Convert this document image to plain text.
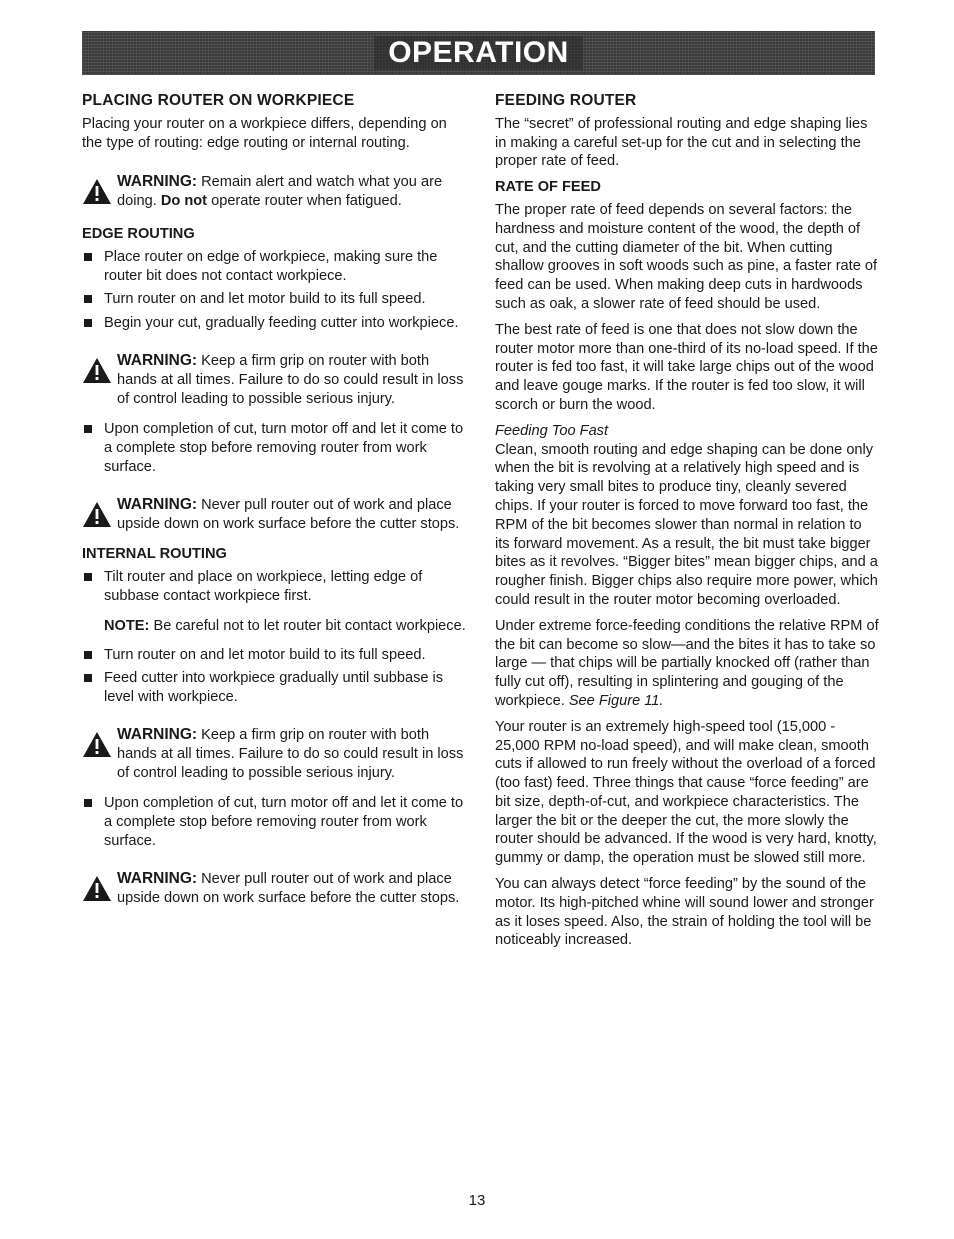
OPERATION
PLACING ROUTER ON WORKPIECE

Placing your router on a workpiece differs, depending on the type of routing: edge routing or internal routing.

WARNING: Remain alert and watch what you are doing. Do not operate router when fatigued.
EDGE ROUTING
Place router on edge of workpiece, making sure the router bit does not contact workpiece.
Turn router on and let motor build to its full speed.
Begin your cut, gradually feeding cutter into workpiece.
WARNING: Keep a firm grip on router with both hands at all times. Failure to do so could result in loss of control leading to possible serious injury.
Upon completion of cut, turn motor off and let it come to a complete stop before removing router from work surface.
WARNING: Never pull router out of work and place upside down on work surface before the cutter stops.
INTERNAL ROUTING
Tilt router and place on workpiece, letting edge of subbase contact workpiece first.
NOTE: Be careful not to let router bit contact workpiece.
Turn router on and let motor build to its full speed.
Feed cutter into workpiece gradually until subbase is level with workpiece.
WARNING: Keep a firm grip on router with both hands at all times. Failure to do so could result in loss of control leading to possible serious injury.
Upon completion of cut, turn motor off and let it come to a complete stop before removing router from work surface.
WARNING: Never pull router out of work and place upside down on work surface before the cutter stops.
FEEDING ROUTER

The “secret” of professional routing and edge shaping lies in making a careful set-up for the cut and in selecting the proper rate of feed.

RATE OF FEED

The proper rate of feed depends on several factors: the hardness and moisture content of the wood, the depth of cut, and the cutting diameter of the bit. When cutting shallow grooves in soft woods such as pine, a faster rate of feed can be used. When making deep cuts in hardwoods such as oak, a slower rate of feed should be used.

The best rate of feed is one that does not slow down the router motor more than one-third of its no-load speed. If the router is fed too fast, it will take large chips out of the wood and leave gouge marks. If the router is fed too slow, it will scorch or burn the wood.

Feeding Too Fast

Clean, smooth routing and edge shaping can be done only when the bit is revolving at a relatively high speed and is taking very small bites to produce tiny, cleanly severed chips. If your router is forced to move forward too fast, the RPM of the bit becomes slower than normal in relation to its forward movement. As a result, the bit must take bigger bites as it revolves. “Bigger bites” mean bigger chips, and a rougher finish. Bigger chips also require more power, which could result in the router motor becoming overloaded.

Under extreme force-feeding conditions the relative RPM of the bit can become so slow—and the bites it has to take so large — that chips will be partially knocked off (rather than fully cut off), resulting in splintering and gouging of the workpiece. See Figure 11.

Your router is an extremely high-speed tool (15,000 - 25,000 RPM no-load speed), and will make clean, smooth cuts if allowed to run freely without the overload of a forced (too fast) feed. Three things that cause “force feeding” are bit size, depth-of-cut, and workpiece characteristics. The larger the bit or the deeper the cut, the more slowly the router should be advanced. If the wood is very hard, knotty, gummy or damp, the operation must be slowed still more.

You can always detect “force feeding” by the sound of the motor. Its high-pitched whine will sound lower and stronger as it loses speed. Also, the strain of holding the tool will be noticeably increased.

13
